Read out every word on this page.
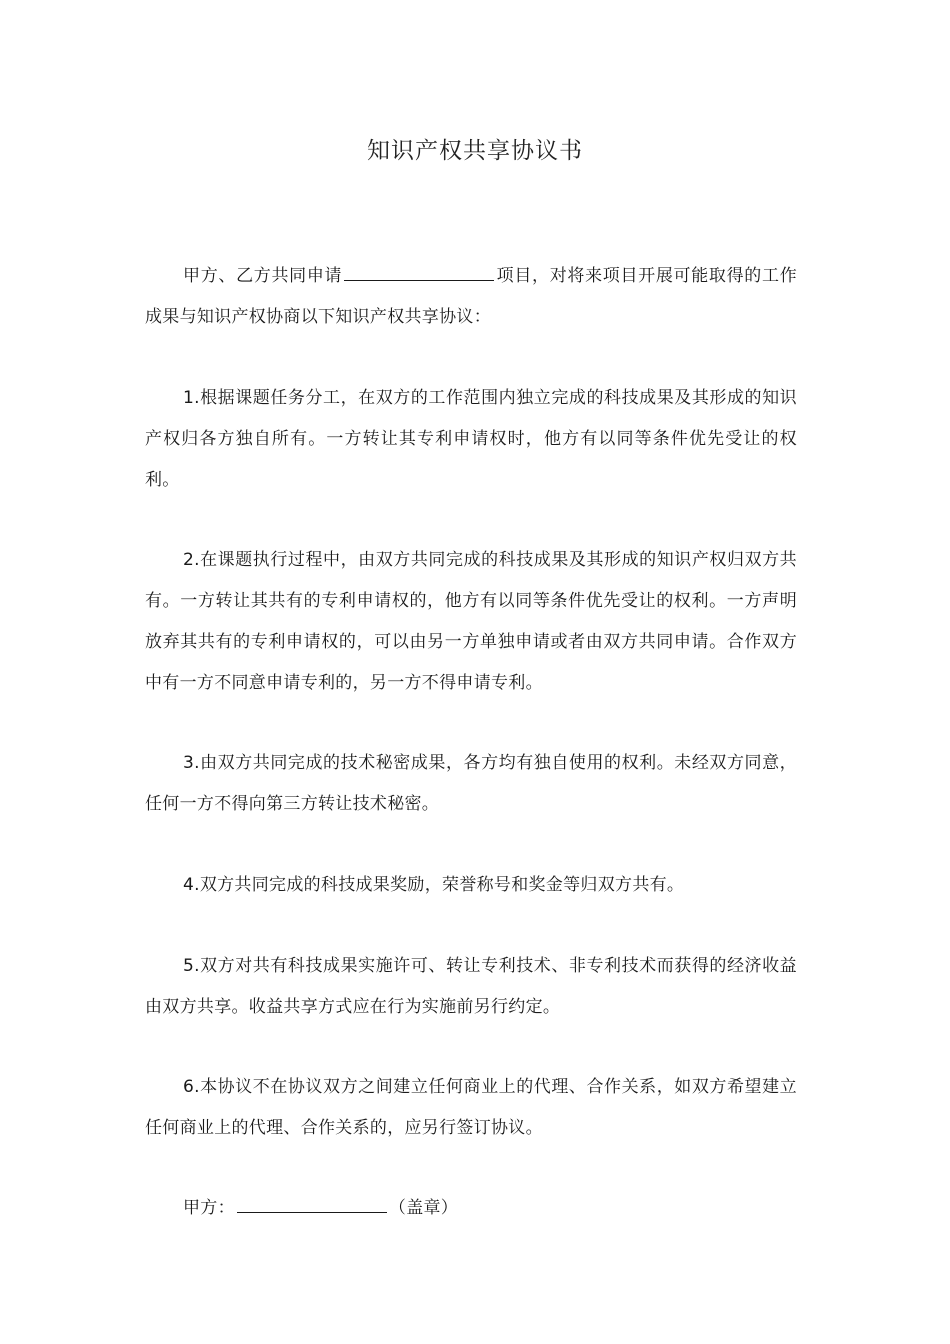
知识产权共享协议书

甲方、乙方共同申请	项目，对将来项目开展可能取得的工作成果与知识产权协商以下知识产权共享协议：

1.根据课题任务分工，在双方的工作范围内独立完成的科技成果及其形成的知识产权归各方独自所有。一方转让其专利申请权时，他方有以同等条件优先受让的权利。

2.在课题执行过程中，由双方共同完成的科技成果及其形成的知识产权归双方共有。一方转让其共有的专利申请权的，他方有以同等条件优先受让的权利。一方声明放弃其共有的专利申请权的，可以由另一方单独申请或者由双方共同申请。合作双方中有一方不同意申请专利的，另一方不得申请专利。

3.由双方共同完成的技术秘密成果，各方均有独自使用的权利。未经双方同意，任何一方不得向第三方转让技术秘密。

4.双方共同完成的科技成果奖励，荣誉称号和奖金等归双方共有。

5.双方对共有科技成果实施许可、转让专利技术、非专利技术而获得的经济收益由双方共享。收益共享方式应在行为实施前另行约定。

6.本协议不在协议双方之间建立任何商业上的代理、合作关系，如双方希望建立任何商业上的代理、合作关系的，应另行签订协议。

甲方：	（盖章）
